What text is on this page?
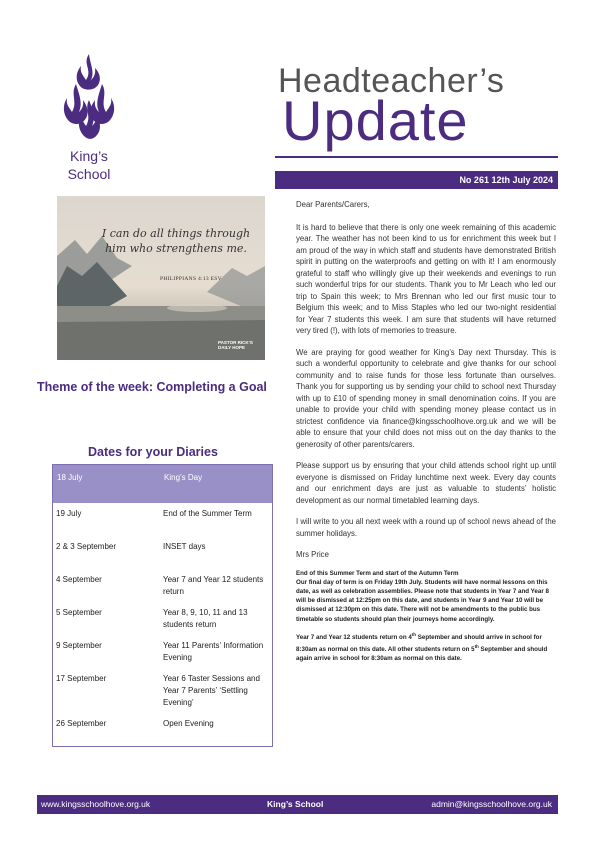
King’s
School
Headteacher’s
Update
No 261 12th July 2024
I can do all things through him who strengthens me.
PHILIPPIANS 4:13 ESV
PASTOR RICK’S DAILY HOPE
Theme of the week: Completing a Goal
Dates for your Diaries
18 July	King’s Day
19 July	End of the Summer Term
2 & 3 September	INSET days
4 September	Year 7 and Year 12 students return
5 September	Year 8, 9, 10, 11 and 13 students return
9 September	Year 11 Parents’ Information Evening
17 September	Year 6 Taster Sessions and Year 7 Parents’ ‘Settling Evening’
26 September	Open Evening

Dear Parents/Carers,

It is hard to believe that there is only one week remaining of this academic year. The weather has not been kind to us for enrichment this week but I am proud of the way in which staff and students have demonstrated British spirit in putting on the waterproofs and getting on with it! I am enormously grateful to staff who willingly give up their weekends and evenings to run such wonderful trips for our students. Thank you to Mr Leach who led our trip to Spain this week; to Mrs Brennan who led our first music tour to Belgium this week; and to Miss Staples who led our two-night residential for Year 7 students this week. I am sure that students will have returned very tired (!), with lots of memories to treasure.

We are praying for good weather for King’s Day next Thursday. This is such a wonderful opportunity to celebrate and give thanks for our school community and to raise funds for those less fortunate than ourselves. Thank you for supporting us by sending your child to school next Thursday with up to £10 of spending money in small denomination coins. If you are unable to provide your child with spending money please contact us in strictest confidence via finance@kingsschoolhove.org.uk and we will be able to ensure that your child does not miss out on the day thanks to the generosity of other parents/carers.

Please support us by ensuring that your child attends school right up until everyone is dismissed on Friday lunchtime next week. Every day counts and our enrichment days are just as valuable to students’ holistic development as our normal timetabled learning days.

I will write to you all next week with a round up of school news ahead of the summer holidays.

Mrs Price

End of this Summer Term and start of the Autumn Term
Our final day of term is on Friday 19th July. Students will have normal lessons on this date, as well as celebration assemblies. Please note that students in Year 7 and Year 8 will be dismissed at 12:25pm on this date, and students in Year 9 and Year 10 will be dismissed at 12:30pm on this date. There will not be amendments to the public bus timetable so students should plan their journeys home accordingly.

Year 7 and Year 12 students return on 4th September and should arrive in school for 8:30am as normal on this date. All other students return on 5th September and should again arrive in school for 8:30am as normal on this date.

www.kingsschoolhove.org.uk	King’s School	admin@kingsschoolhove.org.uk
